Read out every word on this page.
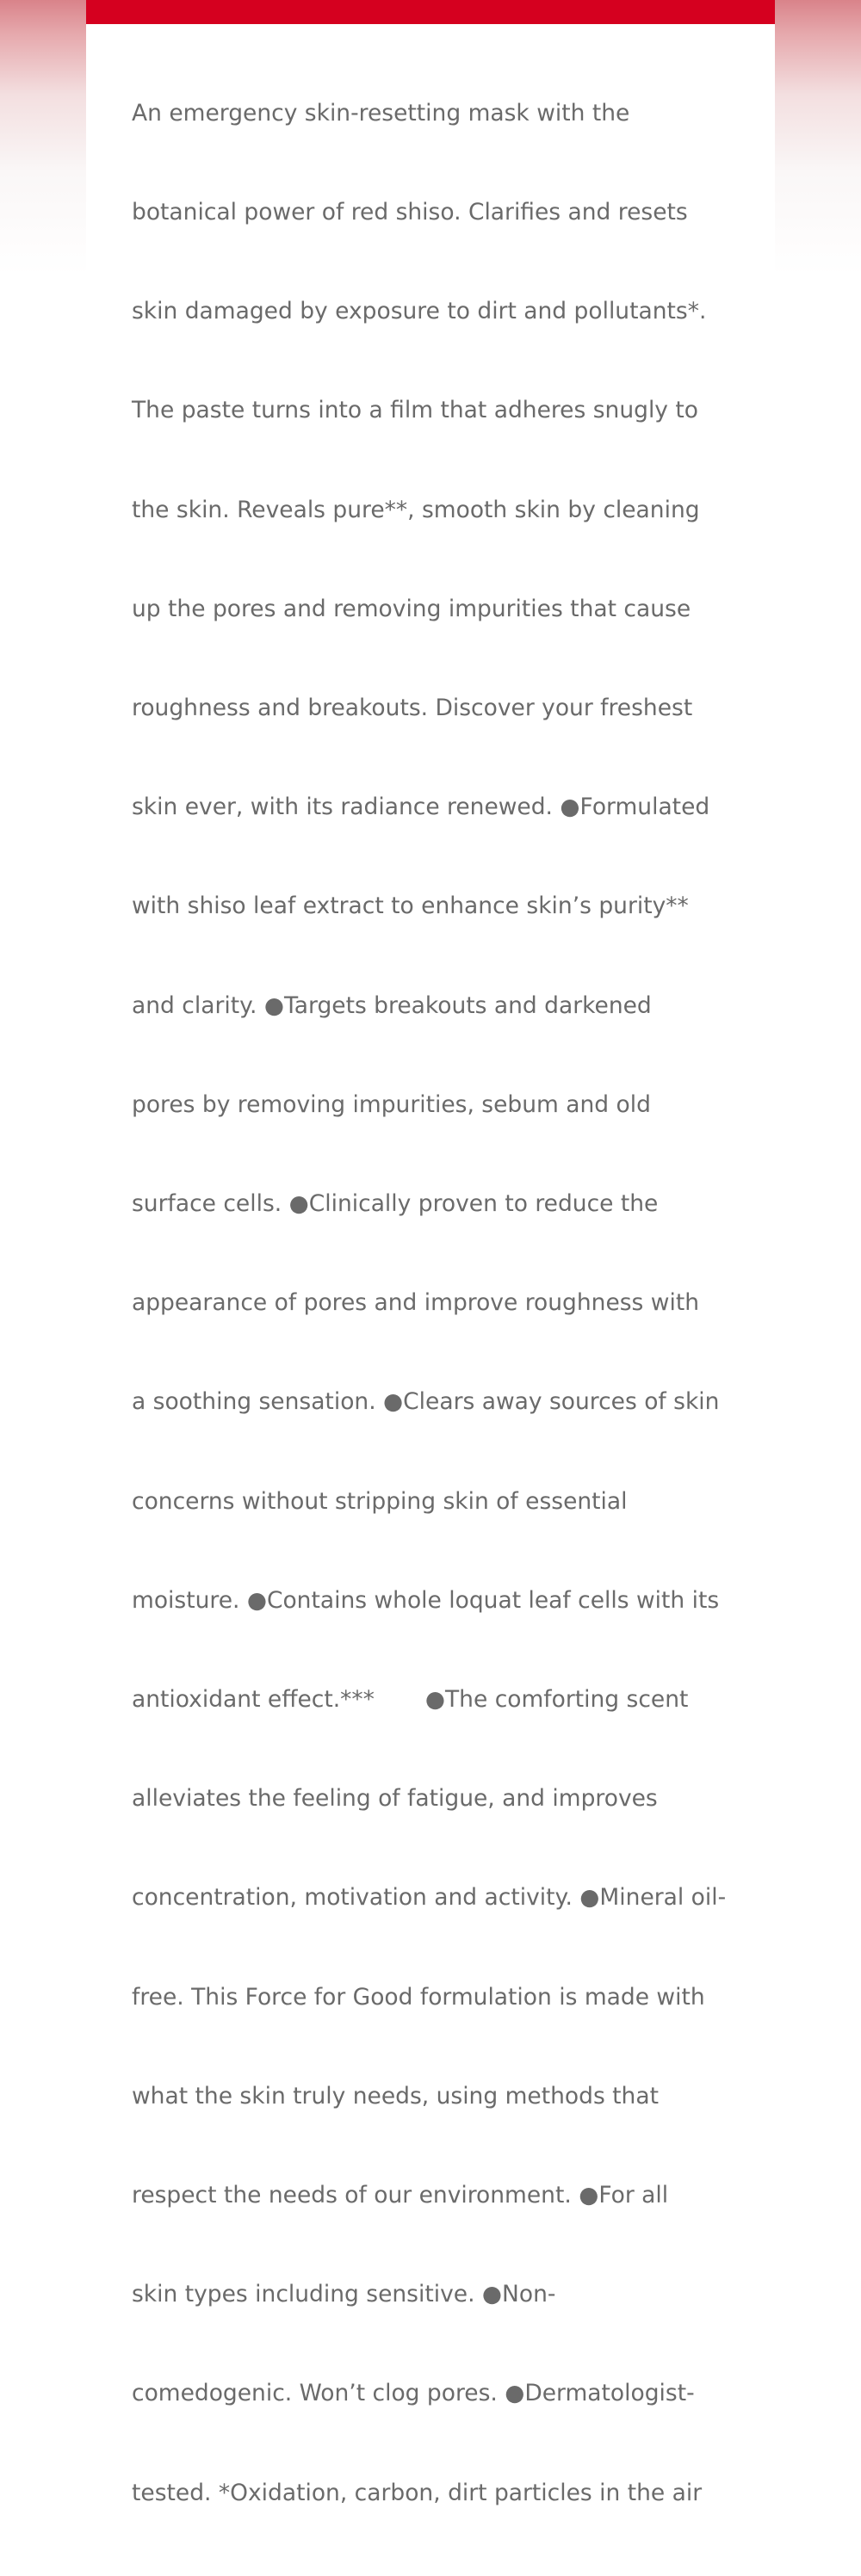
An emergency skin-resetting mask with the

botanical power of red shiso. Clarifies and resets

skin damaged by exposure to dirt and pollutants*.

The paste turns into a film that adheres snugly to

the skin. Reveals pure**, smooth skin by cleaning

up the pores and removing impurities that cause

roughness and breakouts. Discover your freshest

skin ever, with its radiance renewed. ●Formulated

with shiso leaf extract to enhance skin’s purity**

and clarity. ●Targets breakouts and darkened

pores by removing impurities, sebum and old

surface cells. ●Clinically proven to reduce the

appearance of pores and improve roughness with

a soothing sensation. ●Clears away sources of skin

concerns without stripping skin of essential

moisture. ●Contains whole loquat leaf cells with its

antioxidant effect.***       ●The comforting scent

alleviates the feeling of fatigue, and improves

concentration, motivation and activity. ●Mineral oil-

free. This Force for Good formulation is made with

what the skin truly needs, using methods that

respect the needs of our environment. ●For all

skin types including sensitive. ●Non-

comedogenic. Won’t clog pores. ●Dermatologist-

tested. *Oxidation, carbon, dirt particles in the air
